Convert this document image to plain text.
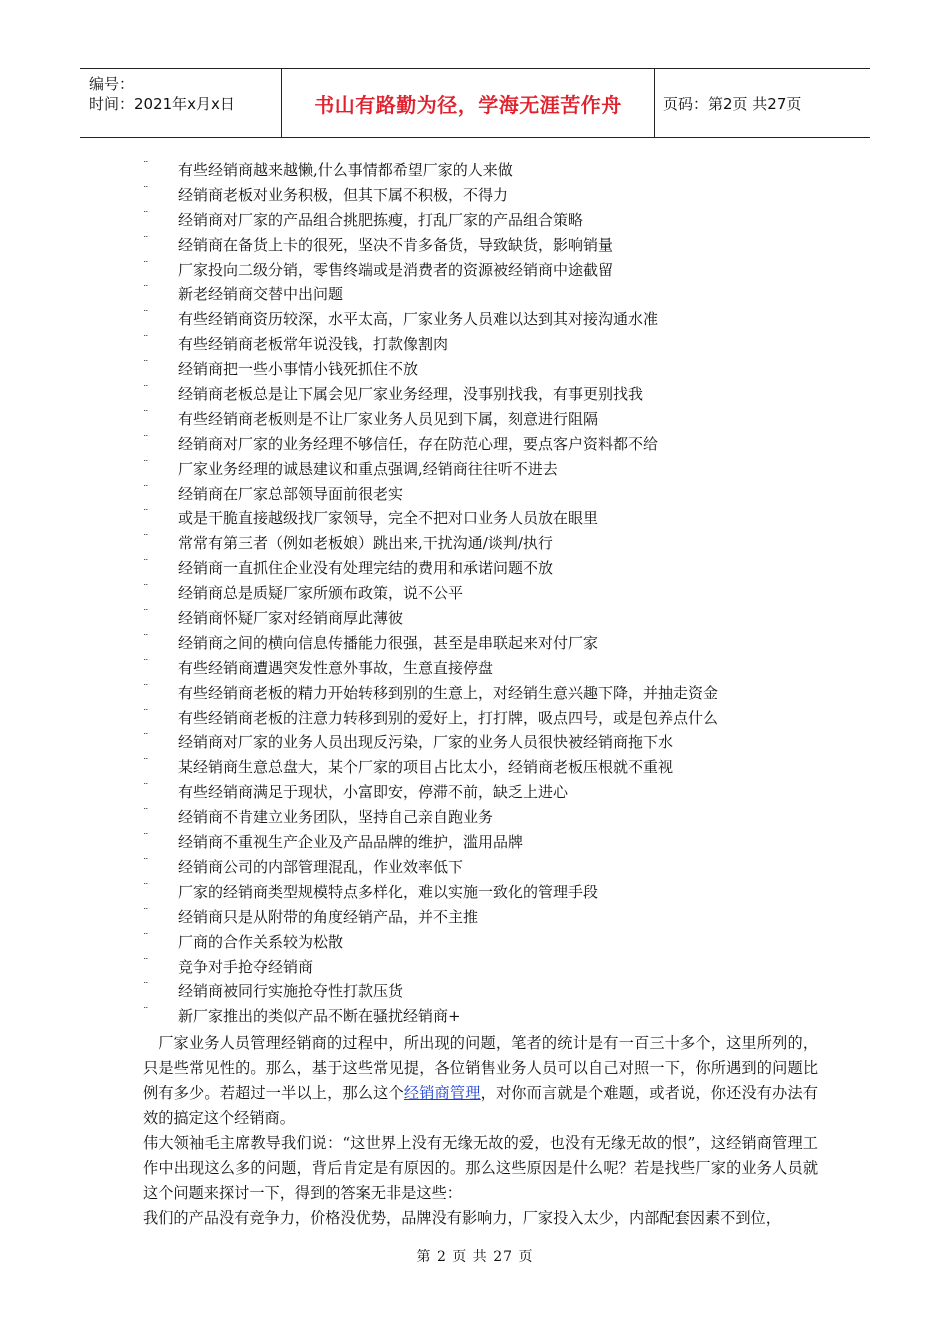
编号：
时间：2021年x月x日	书山有路勤为径，学海无涯苦作舟	页码：第2页 共27页
¨ 有些经销商越来越懒,什么事情都希望厂家的人来做
¨ 经销商老板对业务积极，但其下属不积极，不得力
¨ 经销商对厂家的产品组合挑肥拣瘦，打乱厂家的产品组合策略
¨ 经销商在备货上卡的很死，坚决不肯多备货，导致缺货，影响销量
¨ 厂家投向二级分销，零售终端或是消费者的资源被经销商中途截留
¨ 新老经销商交替中出问题
¨ 有些经销商资历较深，水平太高，厂家业务人员难以达到其对接沟通水准
¨ 有些经销商老板常年说没钱，打款像割肉
¨ 经销商把一些小事情小钱死抓住不放
¨ 经销商老板总是让下属会见厂家业务经理，没事别找我，有事更别找我
¨ 有些经销商老板则是不让厂家业务人员见到下属，刻意进行阻隔
¨ 经销商对厂家的业务经理不够信任，存在防范心理，要点客户资料都不给
¨ 厂家业务经理的诚恳建议和重点强调,经销商往往听不进去
¨ 经销商在厂家总部领导面前很老实
¨ 或是干脆直接越级找厂家领导，完全不把对口业务人员放在眼里
¨ 常常有第三者（例如老板娘）跳出来,干扰沟通/谈判/执行
¨ 经销商一直抓住企业没有处理完结的费用和承诺问题不放
¨ 经销商总是质疑厂家所颁布政策，说不公平
¨ 经销商怀疑厂家对经销商厚此薄彼
¨ 经销商之间的横向信息传播能力很强，甚至是串联起来对付厂家
¨ 有些经销商遭遇突发性意外事故，生意直接停盘
¨ 有些经销商老板的精力开始转移到别的生意上，对经销生意兴趣下降，并抽走资金
¨ 有些经销商老板的注意力转移到别的爱好上，打打牌，吸点四号，或是包养点什么
¨ 经销商对厂家的业务人员出现反污染，厂家的业务人员很快被经销商拖下水
¨ 某经销商生意总盘大，某个厂家的项目占比太小，经销商老板压根就不重视
¨ 有些经销商满足于现状，小富即安，停滞不前，缺乏上进心
¨ 经销商不肯建立业务团队，坚持自己亲自跑业务
¨ 经销商不重视生产企业及产品品牌的维护，滥用品牌
¨ 经销商公司的内部管理混乱，作业效率低下
¨ 厂家的经销商类型规模特点多样化，难以实施一致化的管理手段
¨ 经销商只是从附带的角度经销产品，并不主推
¨ 厂商的合作关系较为松散
¨ 竞争对手抢夺经销商
¨ 经销商被同行实施抢夺性打款压货
¨ 新厂家推出的类似产品不断在骚扰经销商+
厂家业务人员管理经销商的过程中，所出现的问题，笔者的统计是有一百三十多个，这里所列的，只是些常见性的。那么，基于这些常见提，各位销售业务人员可以自己对照一下，你所遇到的问题比例有多少。若超过一半以上，那么这个经销商管理，对你而言就是个难题，或者说，你还没有办法有效的搞定这个经销商。
伟大领袖毛主席教导我们说：“这世界上没有无缘无故的爱，也没有无缘无故的恨”，这经销商管理工作中出现这么多的问题，背后肯定是有原因的。那么这些原因是什么呢？若是找些厂家的业务人员就这个问题来探讨一下，得到的答案无非是这些：
我们的产品没有竞争力，价格没优势，品牌没有影响力，厂家投入太少，内部配套因素不到位，
第 2 页 共 27 页
